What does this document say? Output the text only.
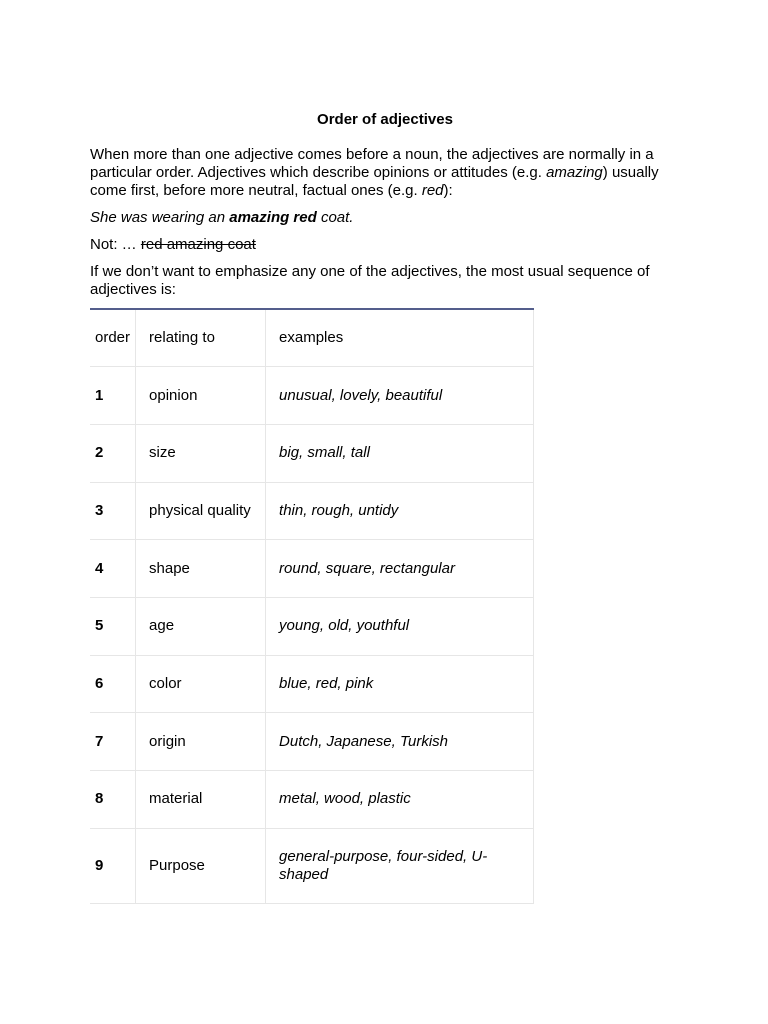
Order of adjectives

When more than one adjective comes before a noun, the adjectives are normally in a particular order. Adjectives which describe opinions or attitudes (e.g. amazing) usually come first, before more neutral, factual ones (e.g. red):

She was wearing an amazing red coat.

Not: … red amazing coat

If we don’t want to emphasize any one of the adjectives, the most usual sequence of adjectives is:

order	relating to	examples
1	opinion	unusual, lovely, beautiful
2	size	big, small, tall
3	physical quality	thin, rough, untidy
4	shape	round, square, rectangular
5	age	young, old, youthful
6	color	blue, red, pink
7	origin	Dutch, Japanese, Turkish
8	material	metal, wood, plastic
9	Purpose	general-purpose, four-sided, U-shaped
